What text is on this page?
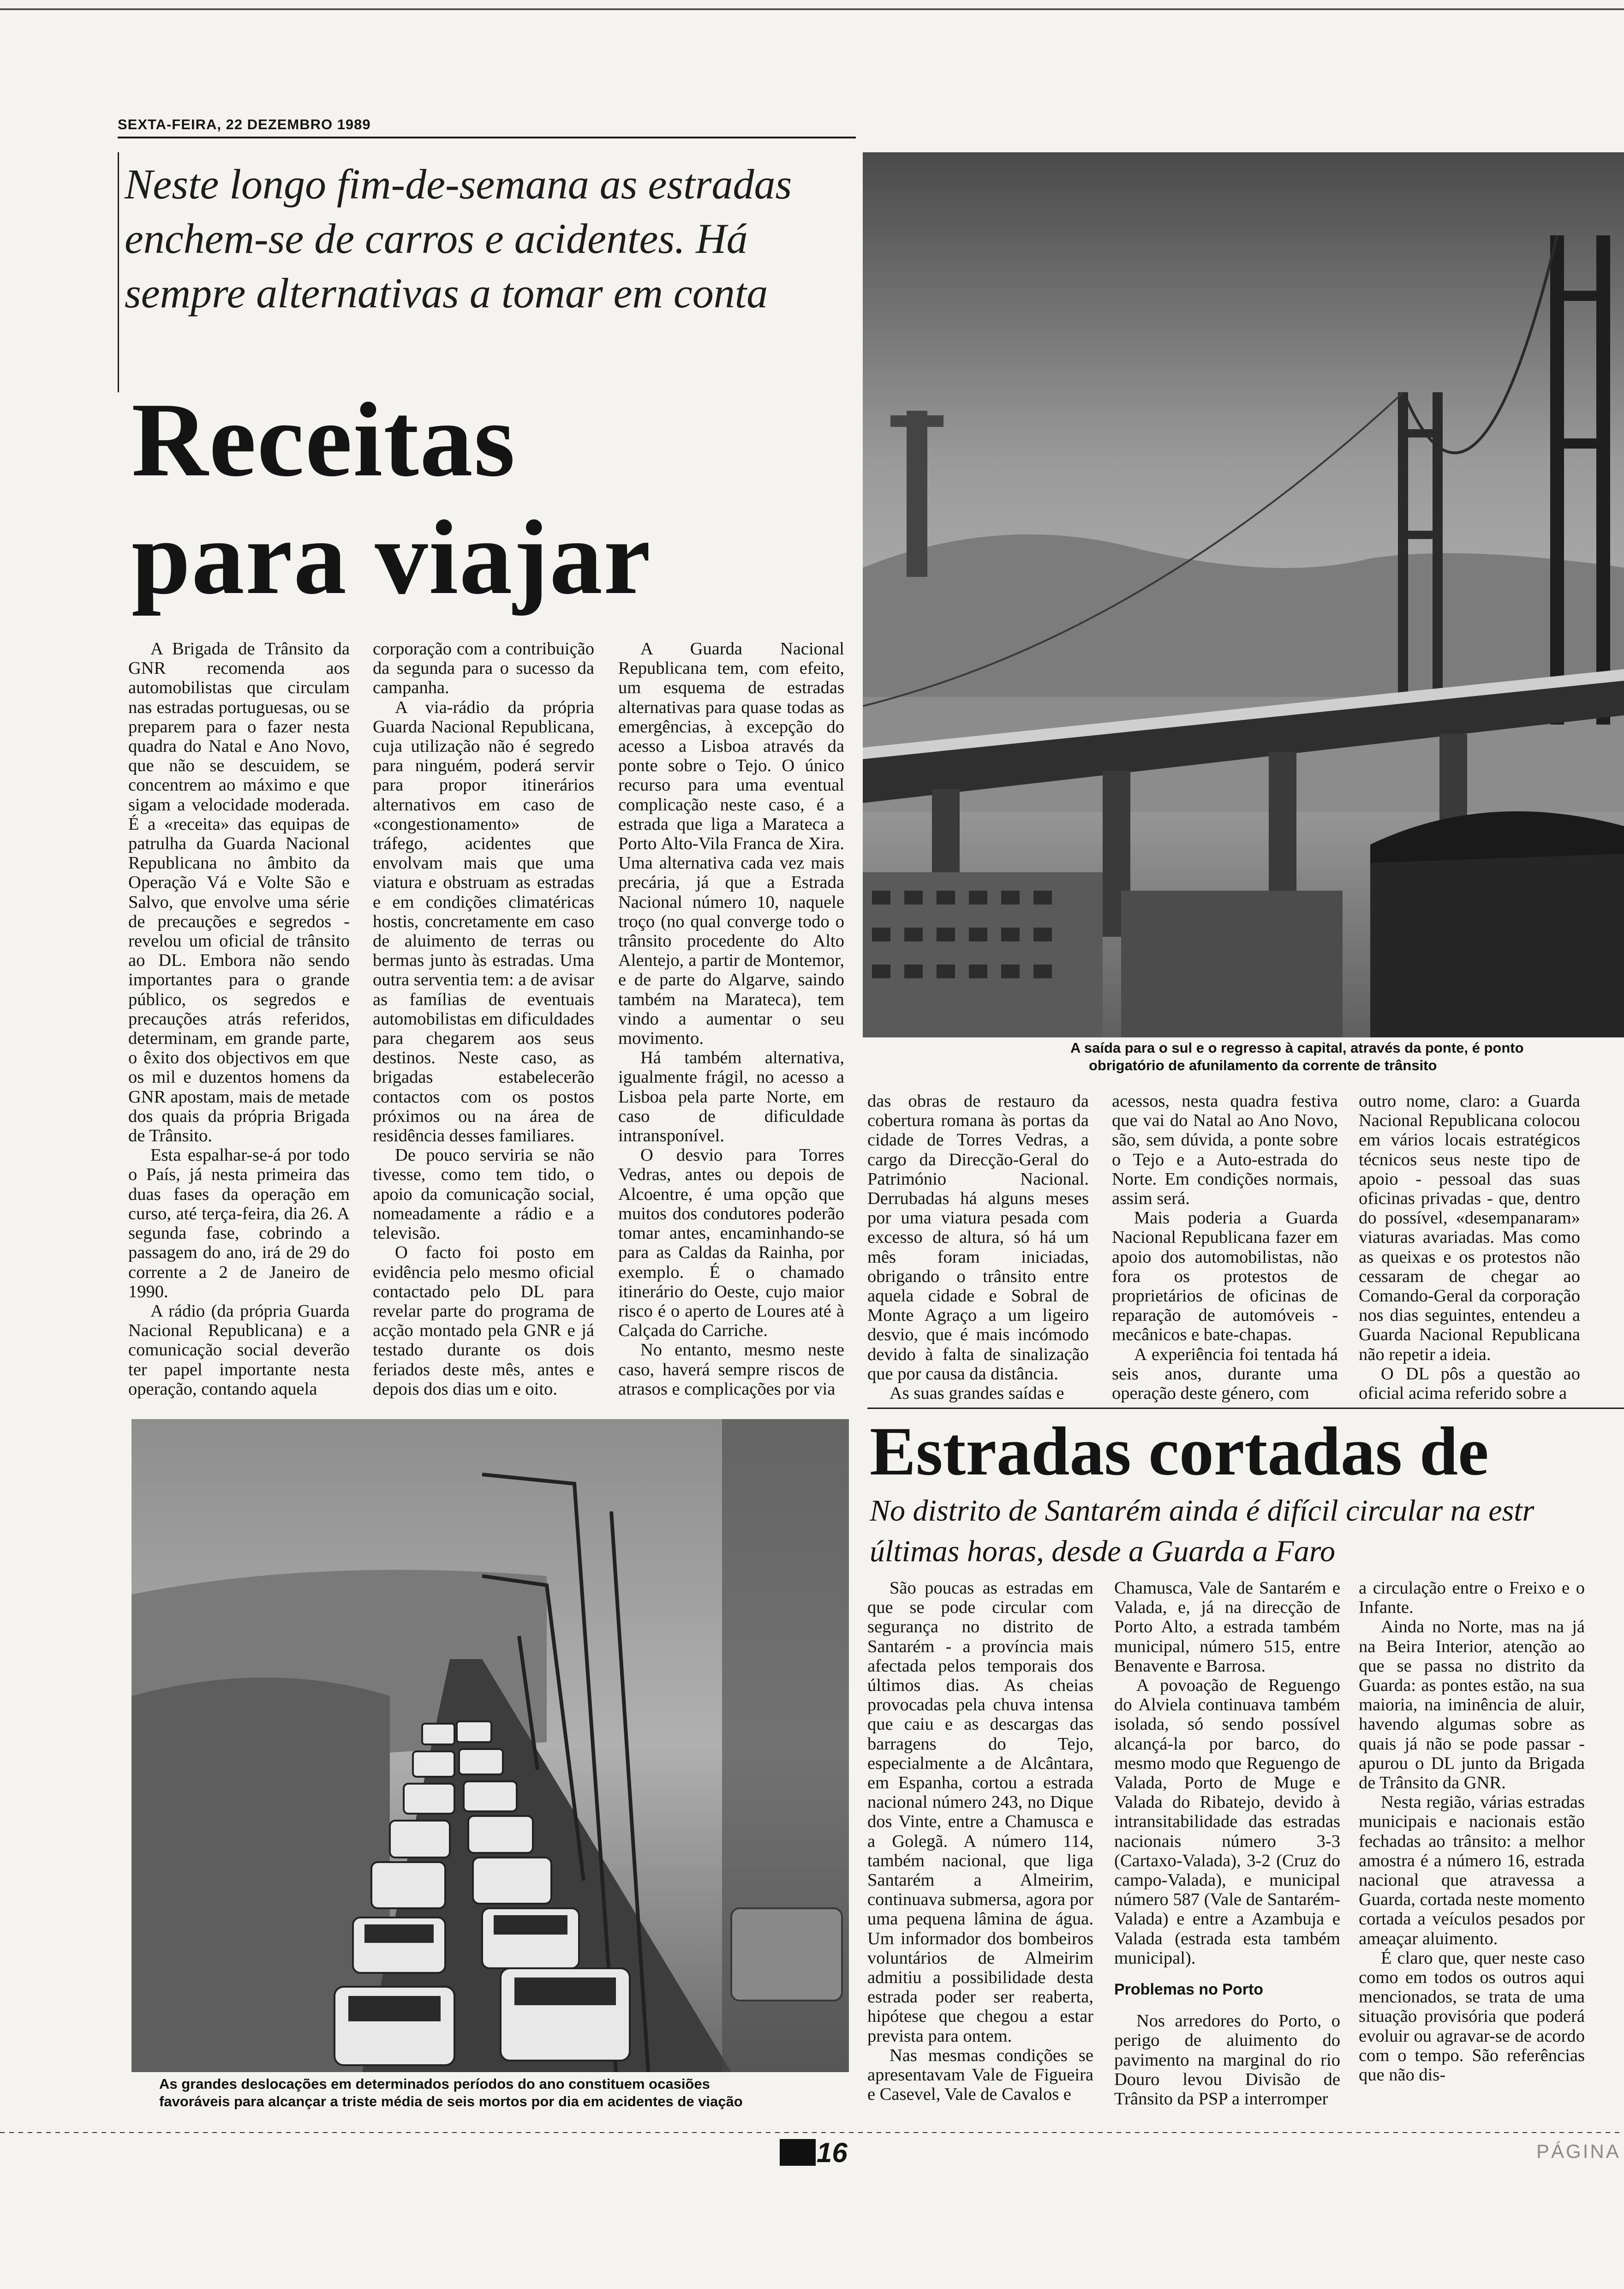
SEXTA-FEIRA, 22 DEZEMBRO 1989
Neste longo fim-de-semana as estradas enchem-se de carros e acidentes. Há sempre alternativas a tomar em conta
Receitas
para viajar
A saída para o sul e o regresso à capital, através da ponte, é ponto
obrigatório de afunilamento da corrente de trânsito

A Brigada de Trânsito da GNR recomenda aos automobilistas que circulam nas estradas portuguesas, ou se preparem para o fazer nesta quadra do Natal e Ano Novo, que não se descuidem, se concentrem ao máximo e que sigam a velocidade moderada. É a «receita» das equipas de patrulha da Guarda Nacional Republicana no âmbito da Operação Vá e Volte São e Salvo, que envolve uma série de precauções e segredos - revelou um oficial de trânsito ao DL. Embora não sendo importantes para o grande público, os segredos e precauções atrás referidos, determinam, em grande parte, o êxito dos objectivos em que os mil e duzentos homens da GNR apostam, mais de metade dos quais da própria Brigada de Trânsito.

Esta espalhar-se-á por todo o País, já nesta primeira das duas fases da operação em curso, até terça-feira, dia 26. A segunda fase, cobrindo a passagem do ano, irá de 29 do corrente a 2 de Janeiro de 1990.

A rádio (da própria Guarda Nacional Republicana) e a comunicação social deverão ter papel importante nesta operação, contando aquela

corporação com a contribuição da segunda para o sucesso da campanha.

A via-rádio da própria Guarda Nacional Republicana, cuja utilização não é segredo para ninguém, poderá servir para propor itinerários alternativos em caso de «congestionamento» de tráfego, acidentes que envolvam mais que uma viatura e obstruam as estradas e em condições climatéricas hostis, concretamente em caso de aluimento de terras ou bermas junto às estradas. Uma outra serventia tem: a de avisar as famílias de eventuais automobilistas em dificuldades para chegarem aos seus destinos. Neste caso, as brigadas estabelecerão contactos com os postos próximos ou na área de residência desses familiares.

De pouco serviria se não tivesse, como tem tido, o apoio da comunicação social, nomeadamente a rádio e a televisão.

O facto foi posto em evidência pelo mesmo oficial contactado pelo DL para revelar parte do programa de acção montado pela GNR e já testado durante os dois feriados deste mês, antes e depois dos dias um e oito.

A Guarda Nacional Republicana tem, com efeito, um esquema de estradas alternativas para quase todas as emergências, à excepção do acesso a Lisboa através da ponte sobre o Tejo. O único recurso para uma eventual complicação neste caso, é a estrada que liga a Marateca a Porto Alto-Vila Franca de Xira. Uma alternativa cada vez mais precária, já que a Estrada Nacional número 10, naquele troço (no qual converge todo o trânsito procedente do Alto Alentejo, a partir de Montemor, e de parte do Algarve, saindo também na Marateca), tem vindo a aumentar o seu movimento.

Há também alternativa, igualmente frágil, no acesso a Lisboa pela parte Norte, em caso de dificuldade intransponível.

O desvio para Torres Vedras, antes ou depois de Alcoentre, é uma opção que muitos dos condutores poderão tomar antes, encaminhando-se para as Caldas da Rainha, por exemplo. É o chamado itinerário do Oeste, cujo maior risco é o aperto de Loures até à Calçada do Carriche.

No entanto, mesmo neste caso, haverá sempre riscos de atrasos e complicações por via

das obras de restauro da cobertura romana às portas da cidade de Torres Vedras, a cargo da Direcção-Geral do Património Nacional. Derrubadas há alguns meses por uma viatura pesada com excesso de altura, só há um mês foram iniciadas, obrigando o trânsito entre aquela cidade e Sobral de Monte Agraço a um ligeiro desvio, que é mais incómodo devido à falta de sinalização que por causa da distância.

As suas grandes saídas e

acessos, nesta quadra festiva que vai do Natal ao Ano Novo, são, sem dúvida, a ponte sobre o Tejo e a Auto-estrada do Norte. Em condições normais, assim será.

Mais poderia a Guarda Nacional Republicana fazer em apoio dos automobilistas, não fora os protestos de proprietários de oficinas de reparação de automóveis - mecânicos e bate-chapas.

A experiência foi tentada há seis anos, durante uma operação deste género, com

outro nome, claro: a Guarda Nacional Republicana colocou em vários locais estratégicos técnicos seus neste tipo de apoio - pessoal das suas oficinas privadas - que, dentro do possível, «desempanaram» viaturas avariadas. Mas como as queixas e os protestos não cessaram de chegar ao Comando-Geral da corporação nos dias seguintes, entendeu a Guarda Nacional Republicana não repetir a ideia.

O DL pôs a questão ao oficial acima referido sobre a

As grandes deslocações em determinados períodos do ano constituem ocasiões
favoráveis para alcançar a triste média de seis mortos por dia em acidentes de viação
Estradas cortadas de
No distrito de Santarém ainda é difícil circular na estr
últimas horas, desde a Guarda a Faro

São poucas as estradas em que se pode circular com segurança no distrito de Santarém - a província mais afectada pelos temporais dos últimos dias. As cheias provocadas pela chuva intensa que caiu e as descargas das barragens do Tejo, especialmente a de Alcântara, em Espanha, cortou a estrada nacional número 243, no Dique dos Vinte, entre a Chamusca e a Golegã. A número 114, também nacional, que liga Santarém a Almeirim, continuava submersa, agora por uma pequena lâmina de água. Um informador dos bombeiros voluntários de Almeirim admitiu a possibilidade desta estrada poder ser reaberta, hipótese que chegou a estar prevista para ontem.

Nas mesmas condições se apresentavam Vale de Figueira e Casevel, Vale de Cavalos e

Chamusca, Vale de Santarém e Valada, e, já na direcção de Porto Alto, a estrada também municipal, número 515, entre Benavente e Barrosa.

A povoação de Reguengo do Alviela continuava também isolada, só sendo possível alcançá-la por barco, do mesmo modo que Reguengo de Valada, Porto de Muge e Valada do Ribatejo, devido à intransitabilidade das estradas nacionais número 3-3 (Cartaxo-Valada), 3-2 (Cruz do campo-Valada), e municipal número 587 (Vale de Santarém-Valada) e entre a Azambuja e Valada (estrada esta também municipal).

Problemas no Porto

Nos arredores do Porto, o perigo de aluimento do pavimento na marginal do rio Douro levou Divisão de Trânsito da PSP a interromper

a circulação entre o Freixo e o Infante.

Ainda no Norte, mas na já na Beira Interior, atenção ao que se passa no distrito da Guarda: as pontes estão, na sua maioria, na iminência de aluir, havendo algumas sobre as quais já não se pode passar - apurou o DL junto da Brigada de Trânsito da GNR.

Nesta região, várias estradas municipais e nacionais estão fechadas ao trânsito: a melhor amostra é a número 16, estrada nacional que atravessa a Guarda, cortada neste momento cortada a veículos pesados por ameaçar aluimento.

É claro que, quer neste caso como em todos os outros aqui mencionados, se trata de uma situação provisória que poderá evoluir ou agravar-se de acordo com o tempo. São referências que não dis-

16	PÁGINA
